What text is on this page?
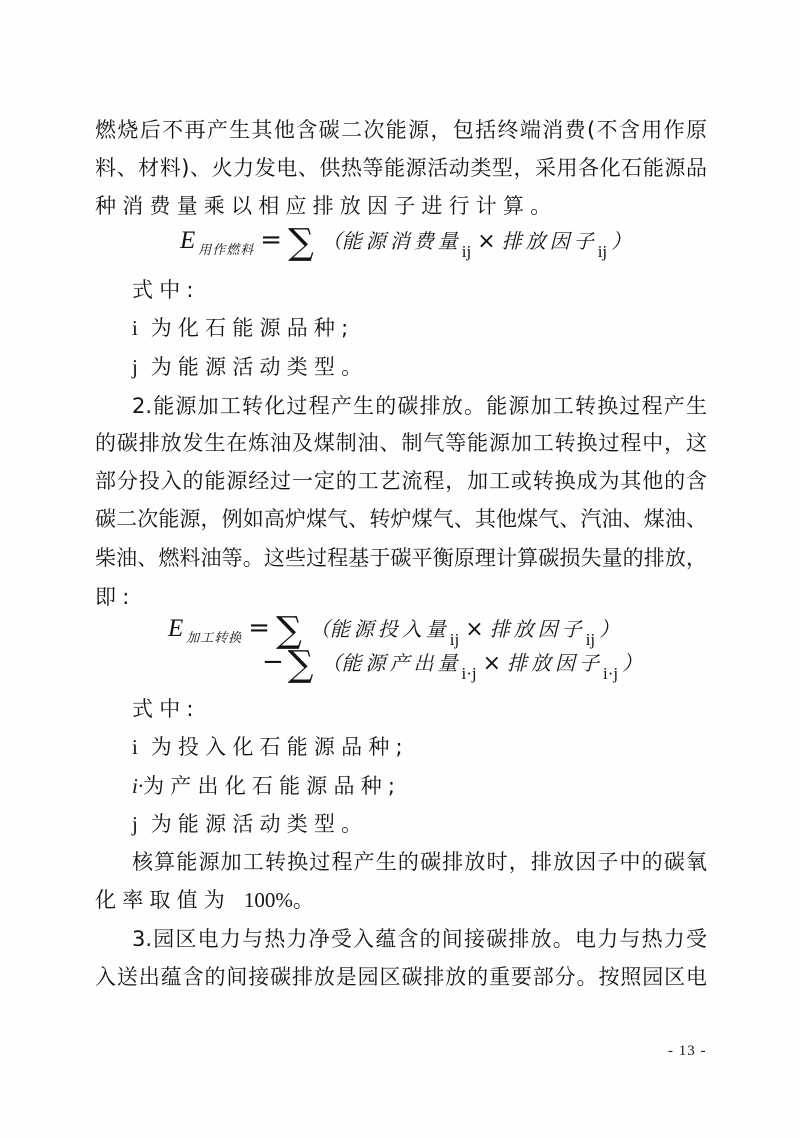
燃烧后不再产生其他含碳二次能源，包括终端消费(不含用作原
料、材料)、火力发电、供热等能源活动类型，采用各化石能源品
种消费量乘以相应排放因子进行计算。
E $_{用作燃料}$ = ∑ （能源消费量ij × 排放因子ij ）
式中:
i 为化石能源品种;
j 为能源活动类型。
2.能源加工转化过程产生的碳排放。能源加工转换过程产生
的碳排放发生在炼油及煤制油、制气等能源加工转换过程中，这
部分投入的能源经过一定的工艺流程，加工或转换成为其他的含
碳二次能源，例如高炉煤气、转炉煤气、其他煤气、汽油、煤油、
柴油、燃料油等。这些过程基于碳平衡原理计算碳损失量的排放，
即:
E $_{加工转换}$ = ∑ （能源投入量ij × 排放因子ij ）
− ∑ （能源产出量i·j × 排放因子i·j ）
式中:
i 为投入化石能源品种;
i·为产出化石能源品种;
j 为能源活动类型。
核算能源加工转换过程产生的碳排放时，排放因子中的碳氧
化率取值为 100%。
3.园区电力与热力净受入蕴含的间接碳排放。电力与热力受
入送出蕴含的间接碳排放是园区碳排放的重要部分。按照园区电
- 13 -
